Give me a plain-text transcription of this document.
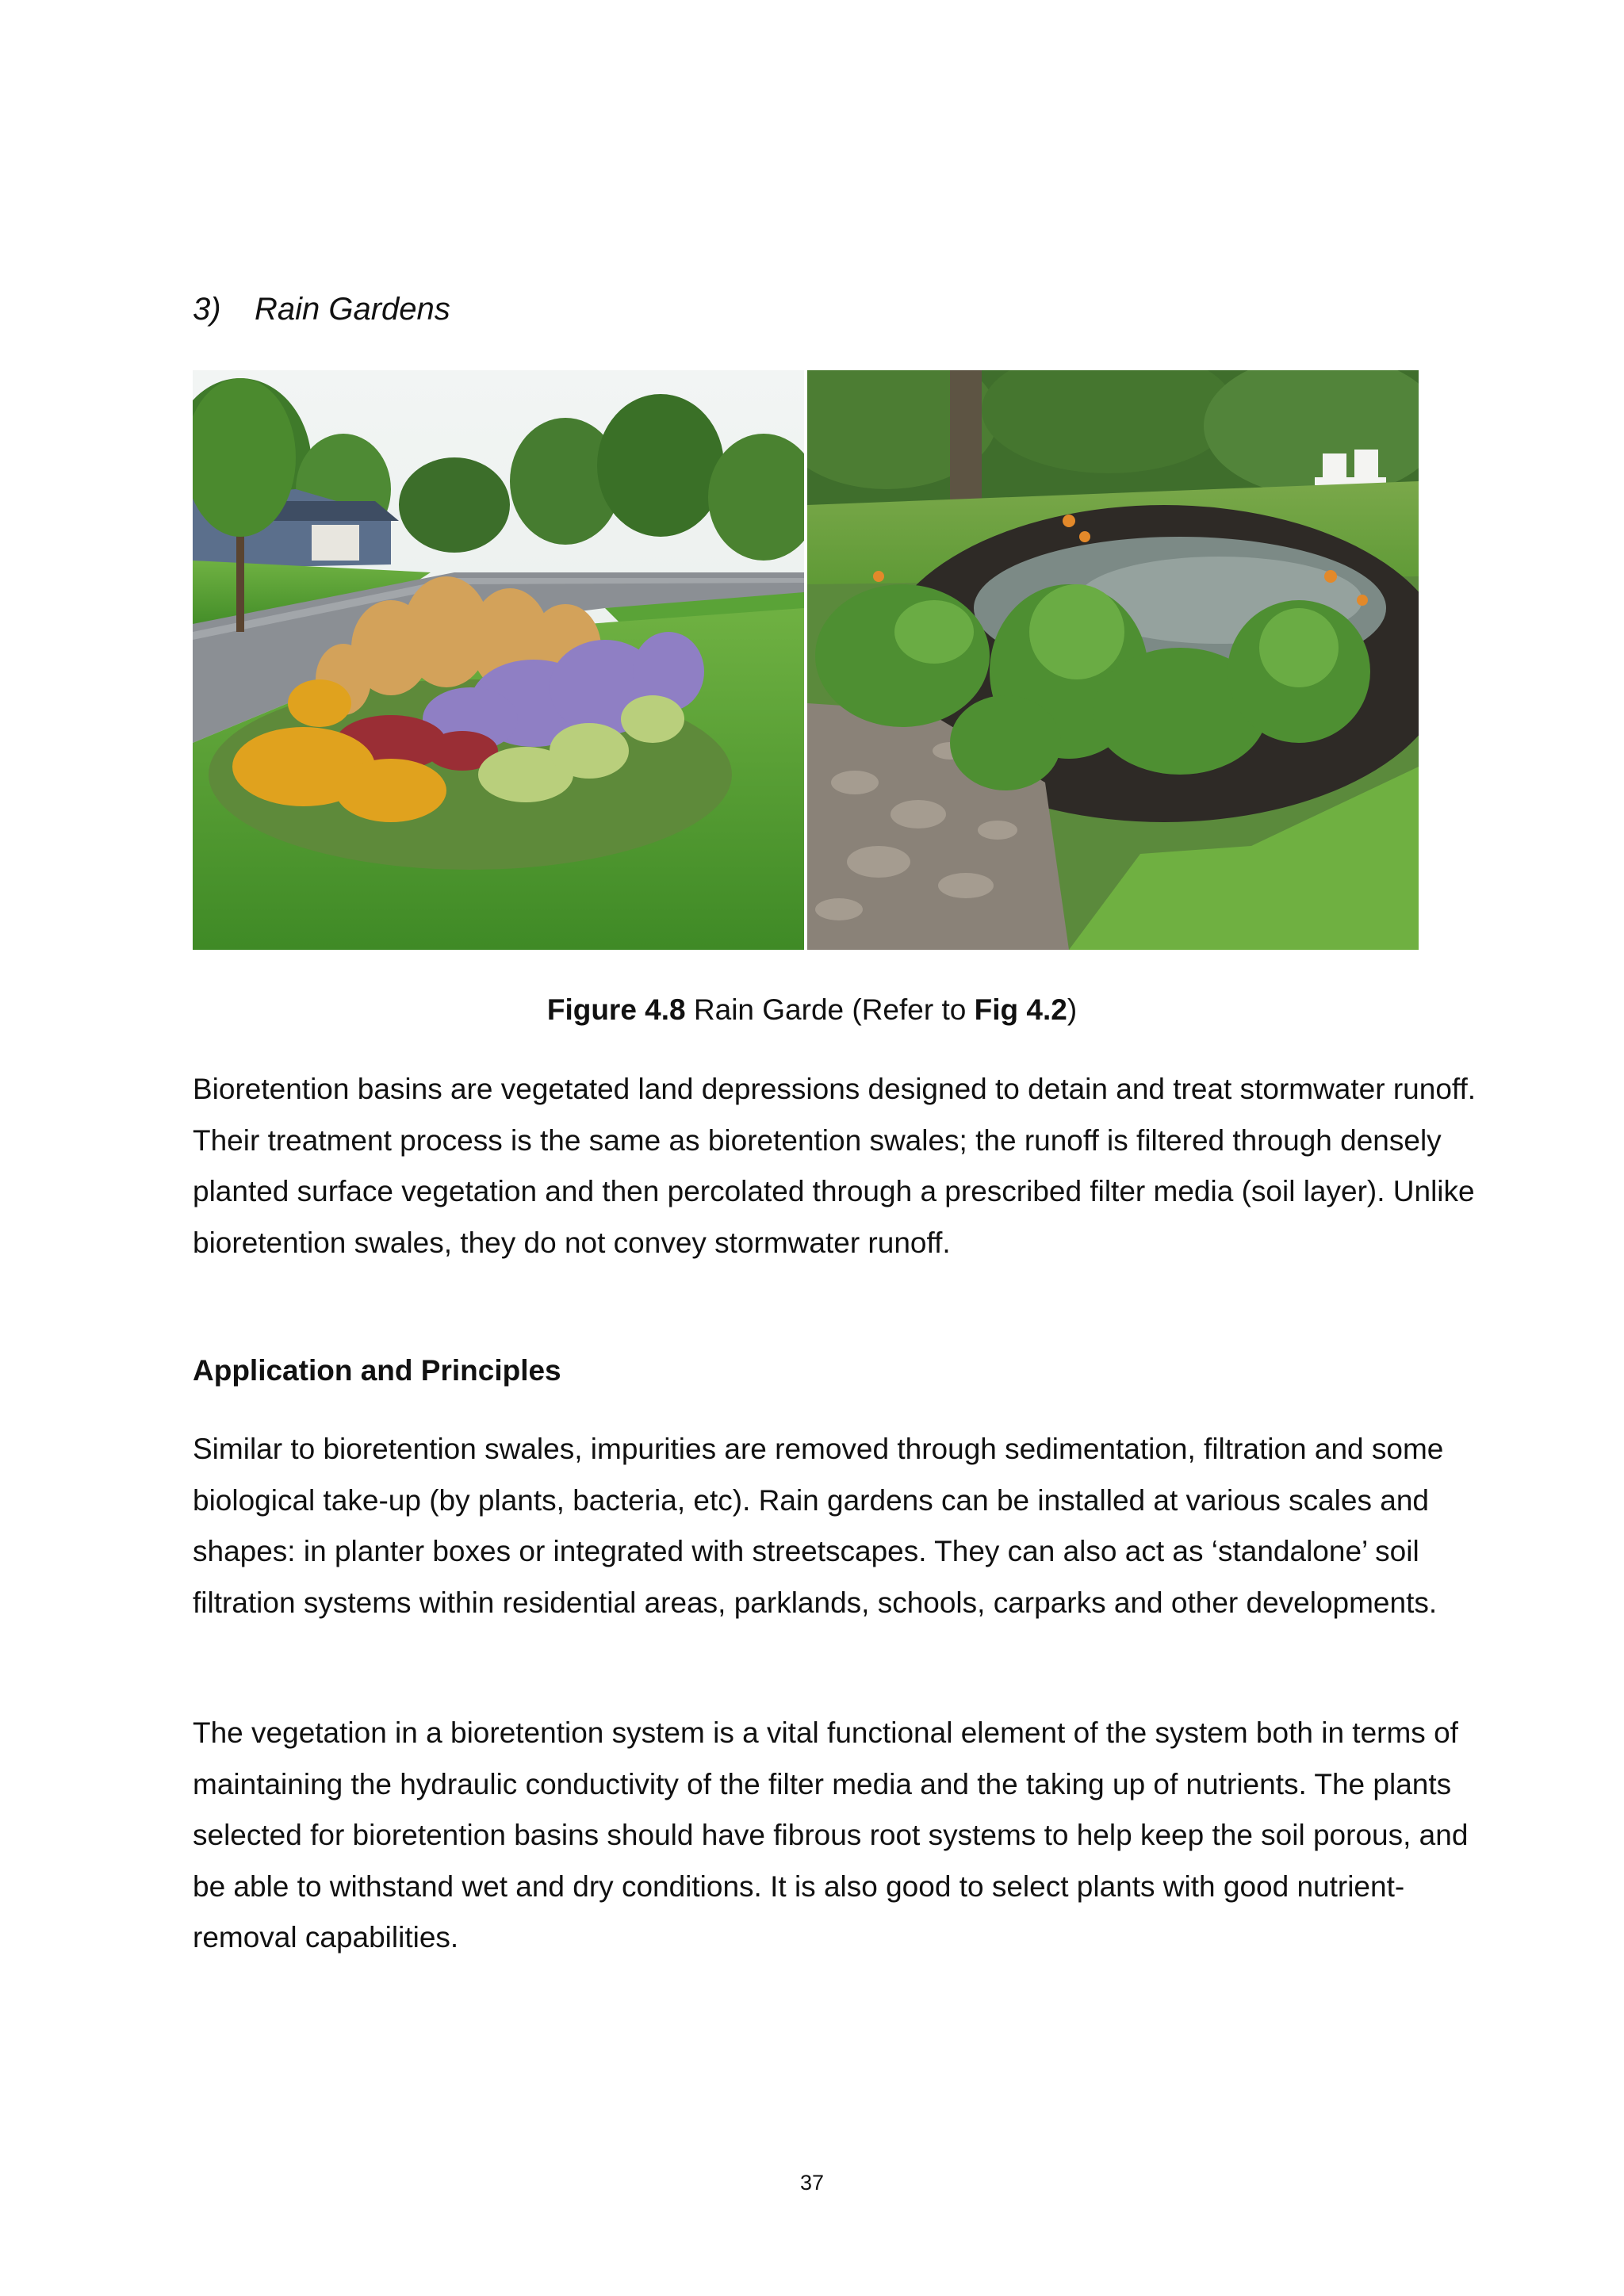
3) Rain Gardens

Figure 4.8 Rain Garde (Refer to Fig 4.2)

Bioretention basins are vegetated land depressions designed to detain and treat stormwater runoff. Their treatment process is the same as bioretention swales; the runoff is filtered through densely planted surface vegetation and then percolated through a prescribed filter media (soil layer). Unlike bioretention swales, they do not convey stormwater runoff.

Application and Principles

Similar to bioretention swales, impurities are removed through sedimentation, filtration and some biological take-up (by plants, bacteria, etc). Rain gardens can be installed at various scales and shapes: in planter boxes or integrated with streetscapes. They can also act as ‘standalone’ soil filtration systems within residential areas, parklands, schools, carparks and other developments.

The vegetation in a bioretention system is a vital functional element of the system both in terms of maintaining the hydraulic conductivity of the filter media and the taking up of nutrients. The plants selected for bioretention basins should have fibrous root systems to help keep the soil porous, and be able to withstand wet and dry conditions. It is also good to select plants with good nutrient-removal capabilities.

37
